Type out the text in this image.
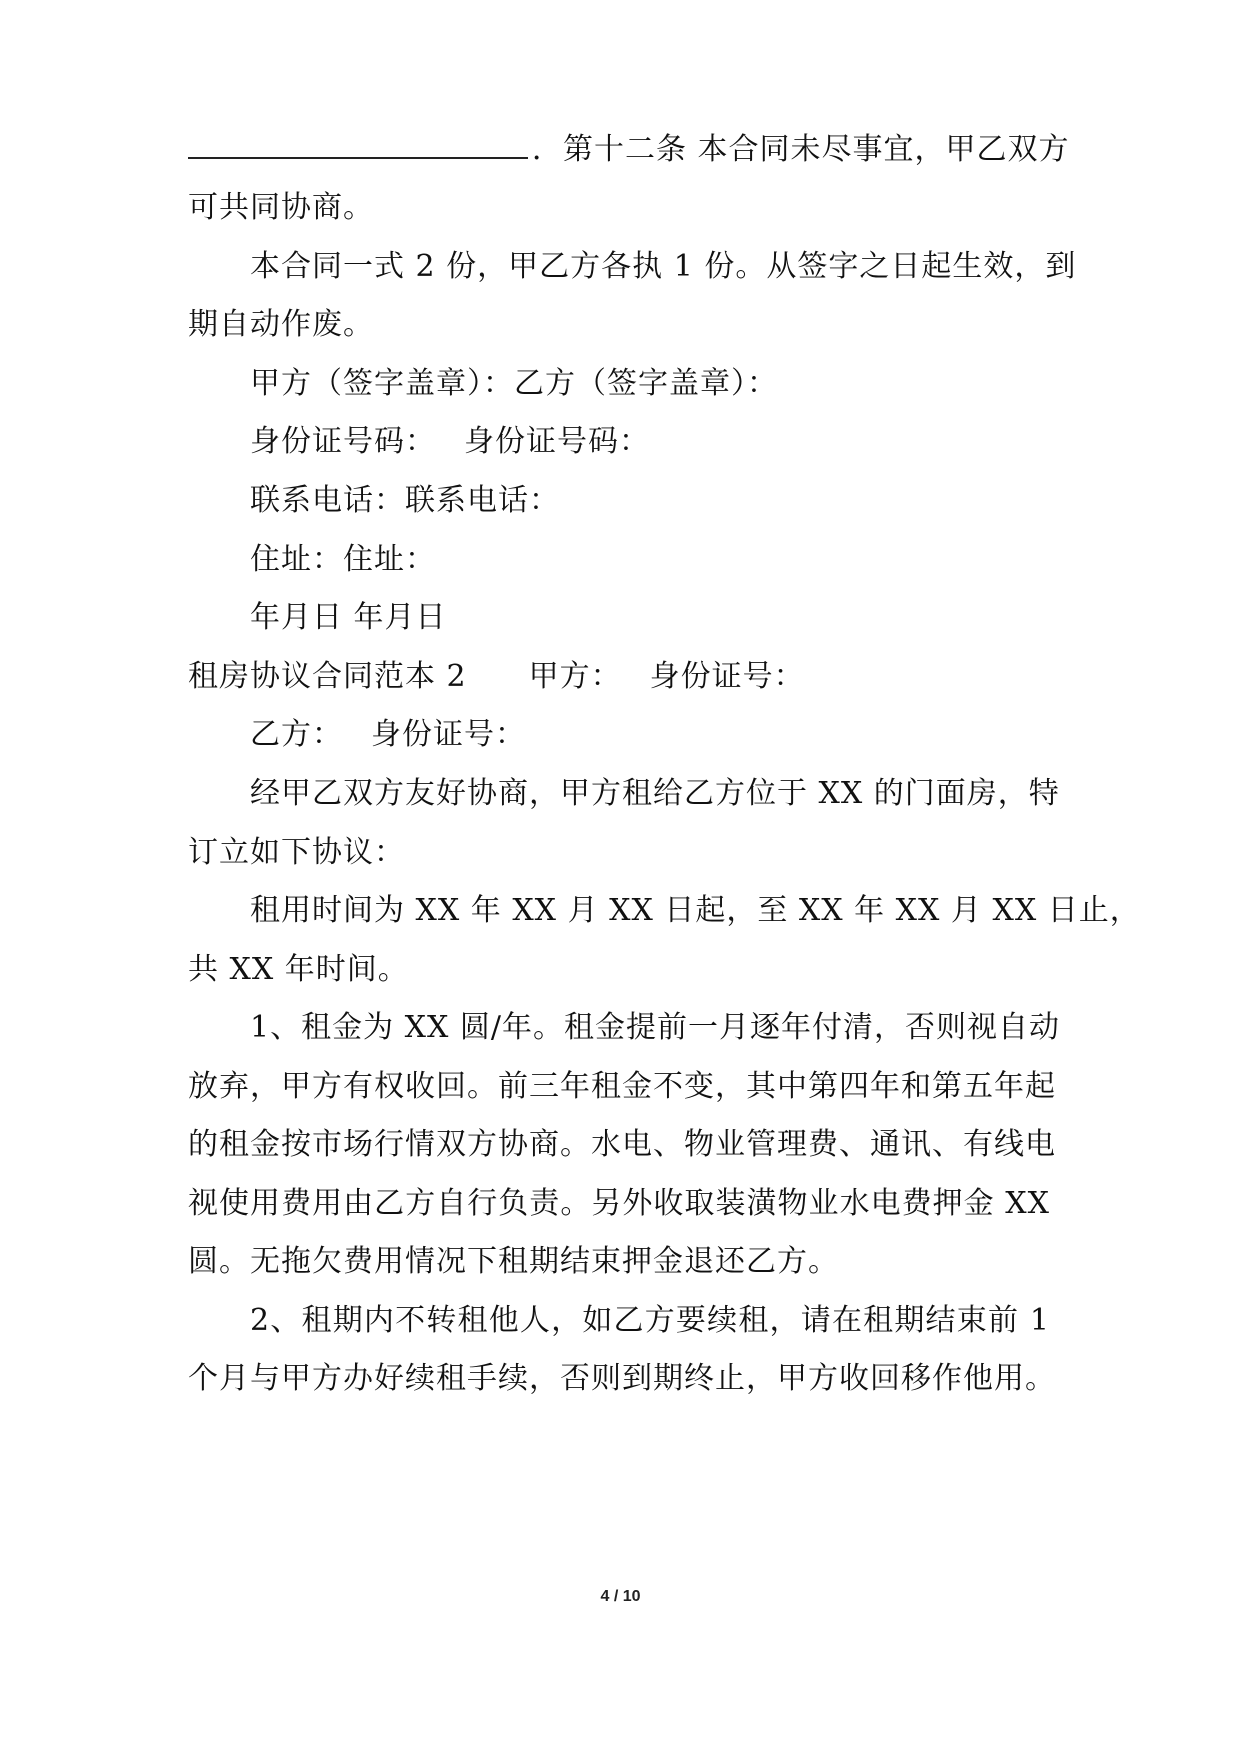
．第十二条 本合同未尽事宜，甲乙双方
可共同协商。
本合同一式 2 份，甲乙方各执 1 份。从签字之日起生效，到
期自动作废。
甲方（签字盖章）：乙方（签字盖章）：
身份证号码： 身份证号码：
联系电话：联系电话：
住址：住址：
年月日 年月日
租房协议合同范本 2 甲方： 身份证号：
乙方： 身份证号：
经甲乙双方友好协商，甲方租给乙方位于 XX 的门面房，特
订立如下协议：
租用时间为 XX 年 XX 月 XX 日起，至 XX 年 XX 月 XX 日止，
共 XX 年时间。
1、租金为 XX 圆/年。租金提前一月逐年付清，否则视自动
放弃，甲方有权收回。前三年租金不变，其中第四年和第五年起
的租金按市场行情双方协商。水电、物业管理费、通讯、有线电
视使用费用由乙方自行负责。另外收取装潢物业水电费押金 XX
圆。无拖欠费用情况下租期结束押金退还乙方。
2、租期内不转租他人，如乙方要续租，请在租期结束前 1
个月与甲方办好续租手续，否则到期终止，甲方收回移作他用。
4 / 10
